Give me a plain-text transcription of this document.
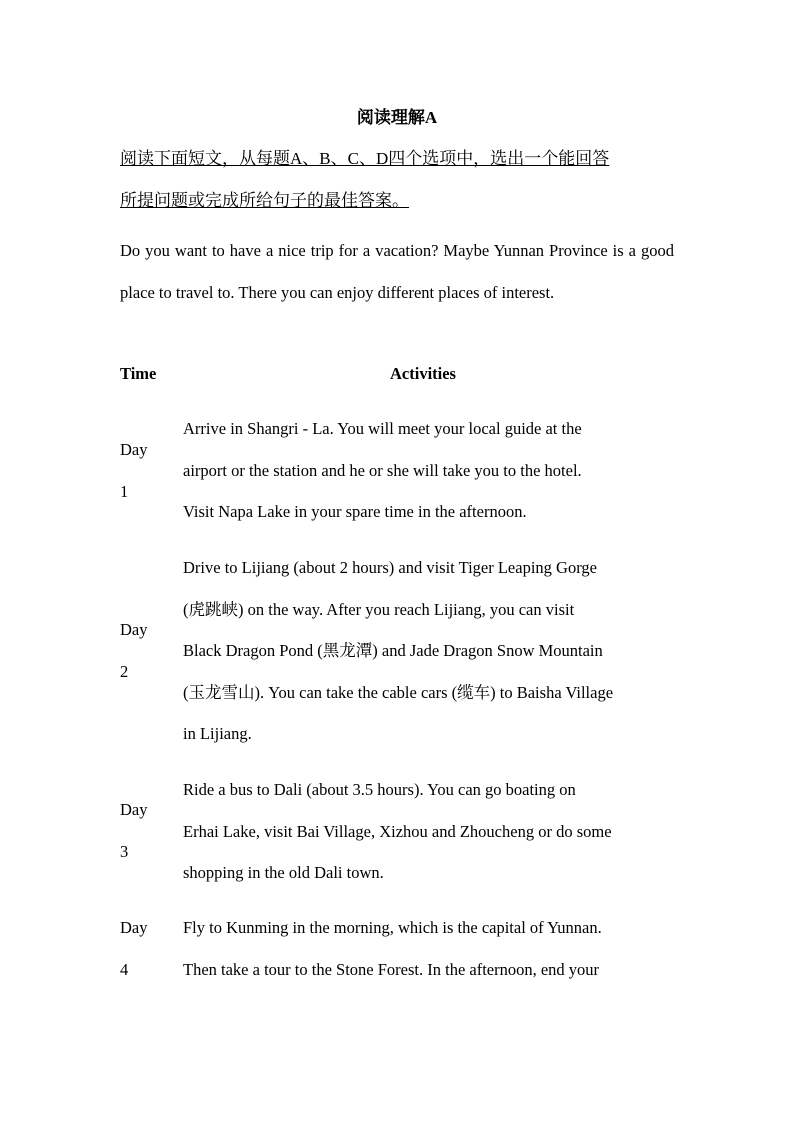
阅读理解A
阅读下面短文，从每题A、B、C、D四个选项中，选出一个能回答
所提问题或完成所给句子的最佳答案。
Do you want to have a nice trip for a vacation? Maybe Yunnan Province is a good place to travel to. There you can enjoy different places of interest.
Time	Activities
Day
1
Arrive in Shangri - La. You will meet your local guide at the
airport or the station and he or she will take you to the hotel.
Visit Napa Lake in your spare time in the afternoon.
Day
2
Drive to Lijiang (about 2 hours) and visit Tiger Leaping Gorge
(虎跳峡) on the way. After you reach Lijiang, you can visit
Black Dragon Pond (黑龙潭) and Jade Dragon Snow Mountain
(玉龙雪山). You can take the cable cars (缆车) to Baisha Village
in Lijiang.
Day
3
Ride a bus to Dali (about 3.5 hours). You can go boating on
Erhai Lake, visit Bai Village, Xizhou and Zhoucheng or do some
shopping in the old Dali town.
Day
4
Fly to Kunming in the morning, which is the capital of Yunnan.
Then take a tour to the Stone Forest. In the afternoon, end your
